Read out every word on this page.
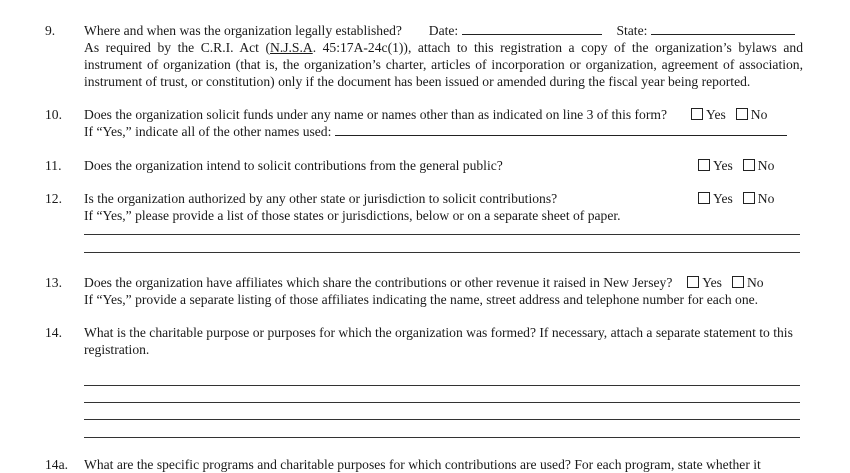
9. Where and when was the organization legally established? Date:	State:
As required by the C.R.I. Act (N.J.S.A. 45:17A-24c(1)), attach to this registration a copy of the organization’s bylaws and
instrument of organization (that is, the organization’s charter, articles of incorporation or organization, agreement of association,
instrument of trust, or constitution) only if the document has been issued or amended during the fiscal year being reported.
10. Does the organization solicit funds under any name or names other than as indicated on line 3 of this form?
If “Yes,” indicate all of the other names used:
Yes No
11. Does the organization intend to solicit contributions from the general public?	Yes No
12. Is the organization authorized by any other state or jurisdiction to solicit contributions?
If “Yes,” please provide a list of those states or jurisdictions, below or on a separate sheet of paper.
Yes No
13. Does the organization have affiliates which share the contributions or other revenue it raised in New Jersey? Yes No
If “Yes,” provide a separate listing of those affiliates indicating the name, street address and telephone number for each one.
14. What is the charitable purpose or purposes for which the organization was formed? If necessary, attach a separate statement to this
registration.
14a. What are the specific programs and charitable purposes for which contributions are used? For each program, state whether it
